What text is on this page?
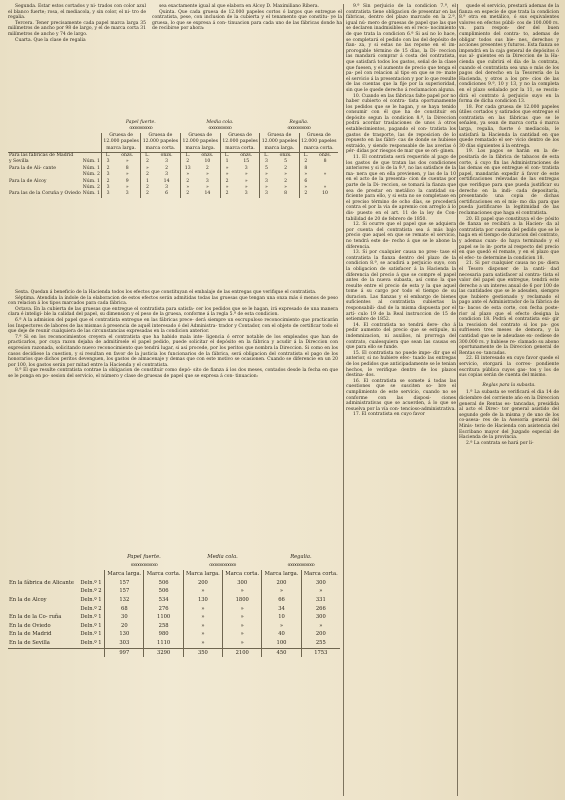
Segunda. Estar estos cortados y ni- trados con color azul el blanco fuerte; rosa, el mediacola, y sin color, el ni- tro de regalia.

Tercera. Tener precisamente cada papel marca larga 35 milímetros de ancho por 98 de largo, y el de marca corta 31 milímetros de ancho y 74 de largo.

Cuarta. Que la clase de regalia

sea exactamente igual al que elabora en Alcoy D. Maximiliano Ribera.

Quinta. Que cada gruesa de 12.000 papeles cortos ó largos que entregue el contratista, pese, con inclusion de la cubierta y el tenamento que constitu- ye la gruesa, lo que se expresa á con- tinuacion para cada uno de las fábricas donde ha de recibirse por ahora:

		Papel fuerte.				Media cola.				Regalia.			
		ꝏꝏꝏꝏꝏꝏ				ꝏꝏꝏꝏꝏꝏ				ꝏꝏꝏꝏꝏꝏ			
		Gruesa de 12.000 papeles marca larga.		Gruesa de 12.000 papeles marca corta.		Gruesa de 12.000 papeles marca larga.		Gruesa de 12.000 papeles marca corta.		Gruesa de 12.000 papeles marca larga.		Gruesa de 12.000 papeles marca corta.	
Para las fábricas de Madrid		L.	onzs.	L.	onzs.	L.	onzs.	L.	onzs.	L.	onzs.	L.	onzs.
y Sevilla	Núm. 1	3	»	2	3	2	10	1	15	3	5	2	8
Para la de Ali- cante	Núm. 1	2	8	»	2	13	2	»	3	5	2	8	
	Núm. 2	3	»	2	3	»	»	»	»	»	»	»	»
Para la de Alcoy	Núm. 1	2	9	1	14	2	3	2	»	3	2	6	
	Núm. 2	3	»	2	3	»	»	»	»	»	»	»	»
Para las de la Coruña y Oviedo	Núm. 1	3	3	2	6	2	14	2	3	3	8	2	10

Sexta. Quedan á beneficio de la Hacienda todos los efectos que constituyan el embalaje de las entregas que verifique el contratista.

Séptima. Atendida la índole de la elaboracion de estos efectos serán admitidas todas las gruesas que tengan una onza más ó menos de peso con relacion á los tipos marcados para cada fábrica.

Octava. En la cubierta de las gruesas que entregue el contratista para satisfa- cer los pedidos que se le hagan, irá expresado de una manera clara é inteligi- ble la calidad del papel, su dimension y el peso de la gruesa, conforme á la regla 5.ª de esta condicion.

6.ª A la admision del papel que el contratista entregue en las fábricas prece- derá siempre un escrupuloso reconocimiento que practicarán los Inspectores de labores de las mismas á presencia de aquél interesado ó del Administra- trador y Contador, con el objeto de certificar todo el que deje de reunir cualquiera de las circunstancias expresadas en la condicion anterior.

7.ª Si en los reconocimientos creyera el contratista que ha habido mala inte- ligencia ó error notable de los empleados que han de practicarlos, por cuya razon dejaba de admitírsele el papel pedido, puede solicitar el depósito en la fábrica y acudir á la Direccion con expresion razonada, solicitando nuevo reconocimiento que tendrá lugar, si así procede, por los peritos que nombra la Direccion. Si como en los casos decidiese la cuestion, y si resultan en favor de la justicia los funcionarios de la fábrica, será obligacion del contratista el pago de los honorarios que dichos peritos devenguen, los gastos de almacenaje y demas que con este motivo se ocasionen. Cuando se diferencie en un 20 por 100, los gastos serán por mitad entre la Hacienda y el contratista.

8.ª El que resulte contratista contrae la obligacion de constituir como depó- sito de fianza á los dos meses, contados desde la fecha en que se le ponga en po- sesion del servicio, el número y clase de gruesas de papel que se expresa á con- tinuacion:

		Papel fuerte.		Media cola.		Regalia.	
		ꝏꝏꝏꝏꝏꝏꝏ		ꝏꝏꝏꝏꝏꝏꝏ		ꝏꝏꝏꝏꝏꝏꝏ	
		Marca larga.	Marca corta.	Marca larga.	Marca corta.	Marca larga.	Marca corta.
En la fábrica de Alicante	Deln.º 1	157	506	200	300	200	300
	Deln.º 2	157	506	»	»	»	»
En la de Alcoy	Deln.º 1	132	534	130	1800	66	331
	Deln.º 2	68	276	»	»	34	266
En la de la Co- ruña	Deln.º 1	30	1100	»	»	10	300
En la de Oviedo	Deln.º 1	20	258	»	»	»	»
En la de Madrid	Deln.º 1	130	980	»	»	40	200
En la de Sevilla	Deln.º 1	303	1110	»	»	100	255
		997	3290	350	2100	450	1753

9.ª Sin perjuicio de la condicion 7.ª, el contratista tiene obligacion de presentar en las fábricas, dentro del plazo marcado en la 2.ª, igual nú- mero de gruesas de papel que las que se declaren inadmisibles en el reco- nocimiento de que trata la condicion 6.ª Si así no lo hace, se completará el pedido con las del depósito de fian- za, y si estas no las repone en el im- prorogable término de 15 días, la Di- reccion las mandará comprar á costa del contratista, que satisfará todos los gastos, señal de la clase que fuesen, y el aumento de precio que tenga el pa- pel con relacion al tipo en que se re- mate el servicio á la presentacion y por lo que resulte de las cuentas que la fije por la superioridad, sin que le quede derecho á reclamacion alguna.

10. Cuando en las fábricas falte papel por no haber cubierto el contra- tista oportunamente los pedidos que se le hagan, y se haya tenido consumir con él que ha de constituir en depósito segun la condicion 8.ª, la Direccion podrá acordar traslaciones de unos á otros establecimientos, pagando el con- tratista los gastos de trasporte, las de reposicion de lo repuesto en las fábri- cas de donde se hubiese extraido, y siendo responsable de las averías ó pér- didas por riesgos de mar que se ori- ginen.

11. El contratista será requerido al pago de los gastos de que tratan las dos condiciones anteriores y si lo de la 9.ª, no las satisface de la ma- nera que en ella previenen, y las de la 10 en el acto de la presenta- cion de cuentas por parte de la Di- reccion, se tomará la fianza que sea de prestar en metálico la cantidad su- ficiente para ello, y si esta no se completase en el preciso término de ocho días, se procederá contra el por la via de apremio con arreglo á lo dis- puesto en el art. 11 de la ley de Con- tabilidad de 20 de febrero de 1850.

12. Si ocurre que el papel que se adquiera por cuenta del contratista sea á más bajo precio que aquel en que se remate el servicio, no tendrá este de- recho á que se le abone la diferencia.

13. Si por cualquier causa no pres- tase el contratista la fianza dentro del plazo de la condicion 8.ª, se acudirá a perjuicio suyo, con la obligacion de satisfacer á la Hacienda la diferencia del precio á que se compre el papel antes de la nueva subasta, así como la que resulte entre el precio de esta y la que aquel tome á su cargo por todo el tiempo de su duracion. Las fianzas y el embargo de bienes suficientes al contratista cubiertas la responsabili- dad de la misma dispuesta por el artí- culo 19 de la Real instruccion de 15 de setiembre de 1852.

14. El contratista no tendrá dere- cho á pedir aumento del precio que se estipule, ni indemnizacion, ni auxilios, ni prorroga del contrato, cualesquiera que sean las causas en que para ello se funde.

15. El contratista no puede impe- dir que el anterior, si no hubiere efec- tuado las entregas de los pedidos que anticipadamente se le tenian hechos, le verifique dentro de los plazos destina- dos.

16. El contratista se somete á todas las cuestiones que se susciten so- bre el cumplimiento de este servicio, cuando no se conforme con las disposi- ciones administrativas que se acuerden, á lo que se resuelva por la vía con- tencioso-administrativa.

17. El contratista en cuyo favor

quede el servicio, prestará ademas de la fianza en especie de que trata la condicion 8.ª otra en metálico, ó sus equivalentes valores en efectos públi- cos de 100.000 rs. vn. para respon- der del buen cumplimiento del contra- to, ademas de obligar todos sus bie- nes, derechos y acciones presentes y futuros. Esta fianza se impondrá en la caja general de depósitos ó sus al- guientes en la Direccion de la Ha- cienda que cubrirá el dia de la contrata, cuando el contratista sea una o más de los pagos del derecho en la Tesorería de la Hacienda, y otros a los pre- cios de las condiciones 9.ª, 10 y 13, y no la completa en el plazo señalado por la 11, se rescin- dirá el contrato á perjuicio suyo en la forma de dicha condicion 13.

18. Por cada gruesa de 12.000 papeles útiles cortados y satirados que entregue el contratista en las fábricas que se le señalen, ya sean de marca corta ó marca larga, regalia, fuerte ó mediacola, le satisfará la Hacienda la cantidad en que quede rematado el ser- vicio dentro de los 30 días siguientes á la entrega.

19. Los pagos se harán en la de- positaría de la fábrica de tabacos de esta corte, á cuyo fin las Administraciones de las demas en que entregue el con- tratista papel, mandarán expedir á favor de este certificaciones relevadas de las entregas que verifique para que pueda justificar su derecho en la indi- cada depositaría, presentando una copia de dichas certificaciones en el mis- mo dia para que pueda justificarse la legitimidad de las reclamaciones que haga el contratista.

20. El papel que constituya el de- pósito de fianza se recibirá a la Hacien- da al contratista por cuenta del pedido que se le haga en el tiempo de duracion del contrato, y ademas cuan- do haya terminado y el papel se lo in- porte al respecto del precio en que quedó el remate, y en el plazo que el efec- to determine la condicion 18.

21. Si por cualquier causa no pu- diera el Tesoro disponer de la canti- dad necesaria para satisfacer al contra- tista el valor del papel que entregue, tendrá este derecho a un interes anual de 6 por 100 de las cantidades que se le adeuden, siempre que hubiere gestionado y reclamado el pago ante el Administrador de la fábrica de ta- bacos de esta corte, con fecha poste- rior al plazo que el efecto designa la condicion 18. Podrá el contratista exi- gir la rescision del contrato si los pa- gos sufriesen tres meses de demora, y la cantidad que se le adeudase ex- cediese de 300.000 rs. y hubiese re- clamado su abono oportunamente de la Direccion general de Rentas es- tancadas.

22. El interesado en cuyo favor quede el servicio, otorgará la corres- pondiente escritura pública cuyos gas- tos y los de sus copias serán de cuenta del mismo.

Reglas para la subasta.

1.ª La subasta se verificará el dia 14 de diciembre del corriente año en la Direccion general de Rentas es- tancadas, presidida al acto el Direc- tor general asistido del segundo gefe de la misma y de uno de los co-asesa- res de la Asesoría general del Minis- terio de Hacienda con asistencia del Escribano mayor del Juzgado especial de Hacienda de la provincia.

2.ª La contrata se hará por li-
